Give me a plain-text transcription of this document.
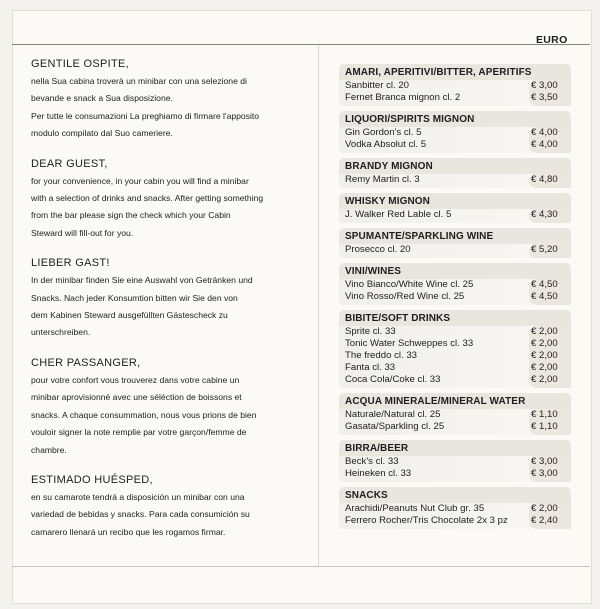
EURO
GENTILE OSPITE,

nella Sua cabina troverà un minibar con una selezione di
bevande e snack a Sua disposizione.
Per tutte le consumazioni La preghiamo di firmare l'apposito
modulo compilato dal Suo cameriere.

DEAR GUEST,

for your convenience, in your cabin you will find a minibar
with a selection of drinks and snacks. After getting something
from the bar please sign the check which your Cabin
Steward will fill-out for you.

LIEBER GAST!

In der minibar finden Sie eine Auswahl von Getränken und
Snacks. Nach jeder Konsumtion bitten wir Sie den von
dem Kabinen Steward ausgefüllten Gästescheck zu
unterschreiben.

CHER PASSANGER,

pour votre confort vous trouverez dans votre cabine un
minibar aprovisionné avec une séléction de boissons et
snacks. A chaque consummation, nous vous prions de bien
vouloir signer la note remplie par votre garçon/femme de
chambre.

ESTIMADO HUÉSPED,

en su camarote tendrá a disposición un minibar con una
variedad de bebidas y snacks. Para cada consumición su
camarero llenará un recibo que les rogamos firmar.

AMARI, APERITIVI/BITTER, APERITIFS
Sanbitter cl. 20	€ 3,00
Fernet Branca mignon cl. 2	€ 3,50
LIQUORI/SPIRITS MIGNON
Gin Gordon's cl. 5	€ 4,00
Vodka Absolut cl. 5	€ 4,00
BRANDY MIGNON
Remy Martin cl. 3	€ 4,80
WHISKY MIGNON
J. Walker Red Lable cl. 5	€ 4,30
SPUMANTE/SPARKLING WINE
Prosecco cl. 20	€ 5,20
VINI/WINES
Vino Bianco/White Wine cl. 25	€ 4,50
Vino Rosso/Red Wine cl. 25	€ 4,50
BIBITE/SOFT DRINKS
Sprite cl. 33	€ 2,00
Tonic Water Schweppes cl. 33	€ 2,00
The freddo cl. 33	€ 2,00
Fanta cl. 33	€ 2,00
Coca Cola/Coke cl. 33	€ 2,00
ACQUA MINERALE/MINERAL WATER
Naturale/Natural cl. 25	€ 1,10
Gasata/Sparkling cl. 25	€ 1,10
BIRRA/BEER
Beck's cl. 33	€ 3,00
Heineken cl. 33	€ 3,00
SNACKS
Arachidi/Peanuts Nut Club gr. 35	€ 2,00
Ferrero Rocher/Tris Chocolate 2x 3 pz € 2,40
